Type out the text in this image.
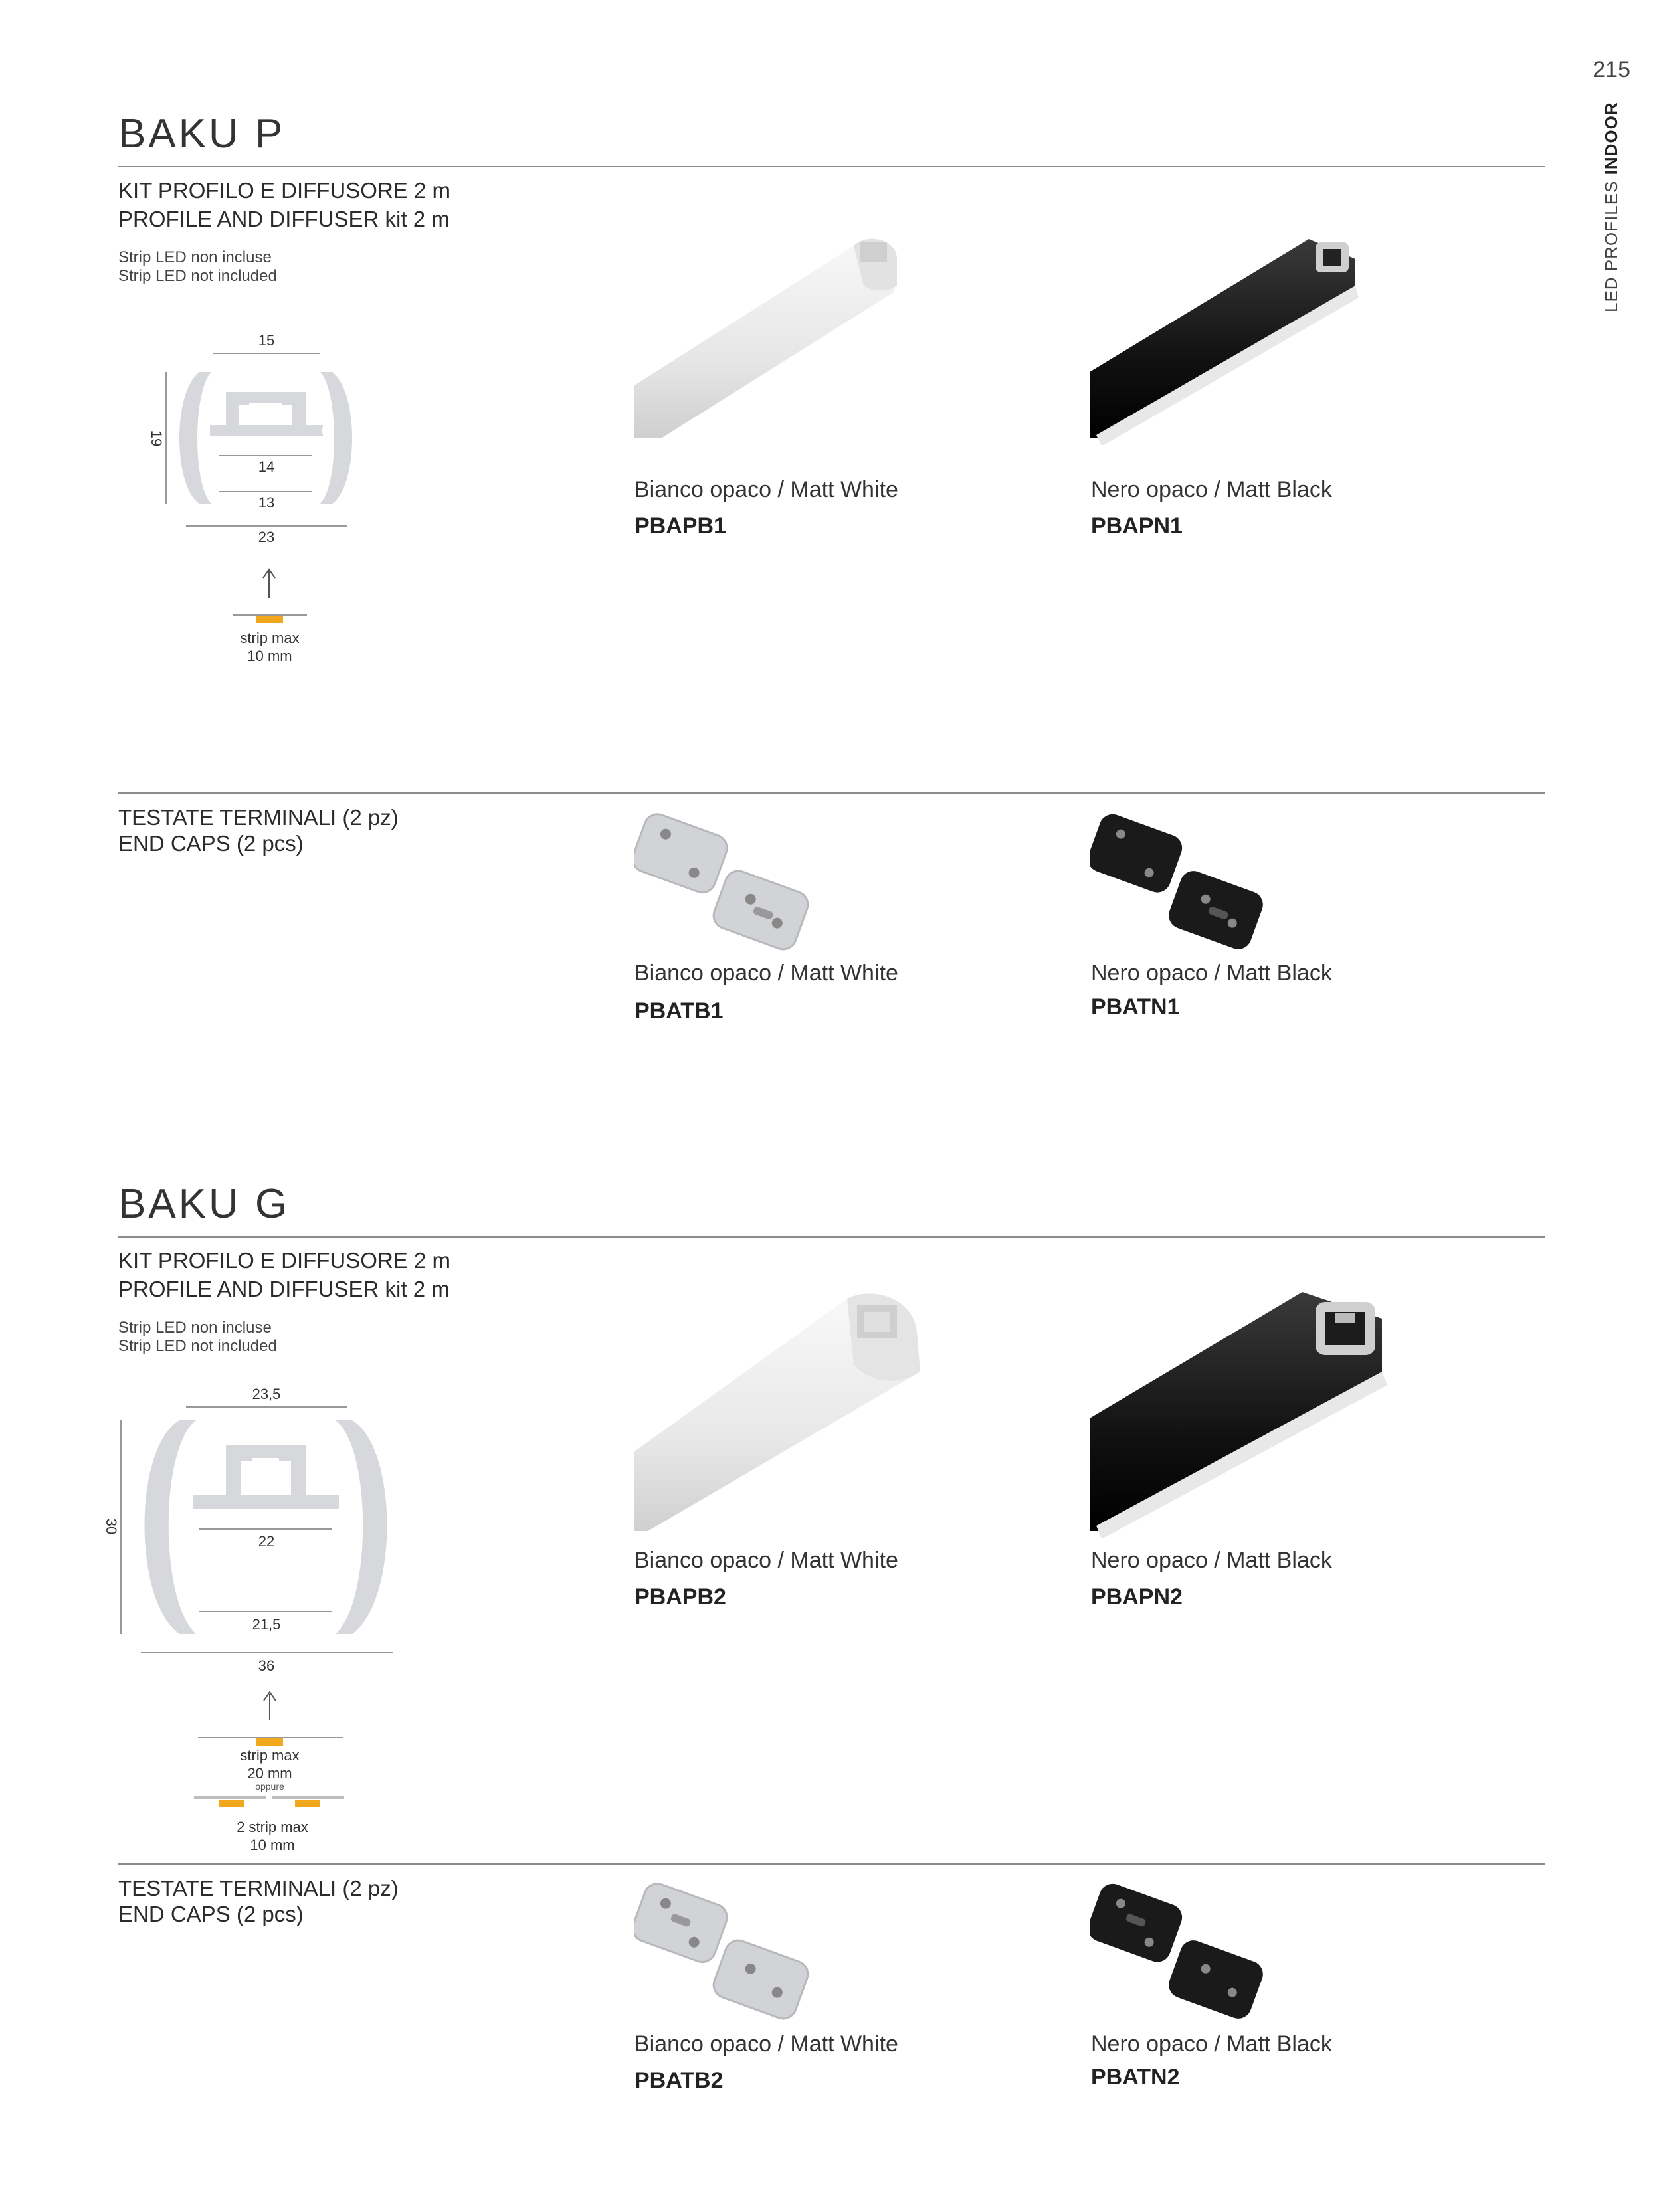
215
LED PROFILES INDOOR
BAKU P
KIT PROFILO E DIFFUSORE 2 m
PROFILE AND DIFFUSER kit 2 m
Strip LED non incluse
Strip LED not included
15
19
14
13
23
strip max
10 mm
Bianco opaco / Matt White
PBAPB1
Nero opaco / Matt Black
PBAPN1
TESTATE TERMINALI (2 pz)
END CAPS (2 pcs)
Bianco opaco / Matt White
PBATB1
Nero opaco / Matt Black
PBATN1
BAKU G
KIT PROFILO E DIFFUSORE 2 m
PROFILE AND DIFFUSER kit 2 m
Strip LED non incluse
Strip LED not included
23,5
30
22
21,5
36
strip max
20 mm
oppure
2 strip max
10 mm
Bianco opaco / Matt White
PBAPB2
Nero opaco / Matt Black
PBAPN2
TESTATE TERMINALI (2 pz)
END CAPS (2 pcs)
Bianco opaco / Matt White
PBATB2
Nero opaco / Matt Black
PBATN2
